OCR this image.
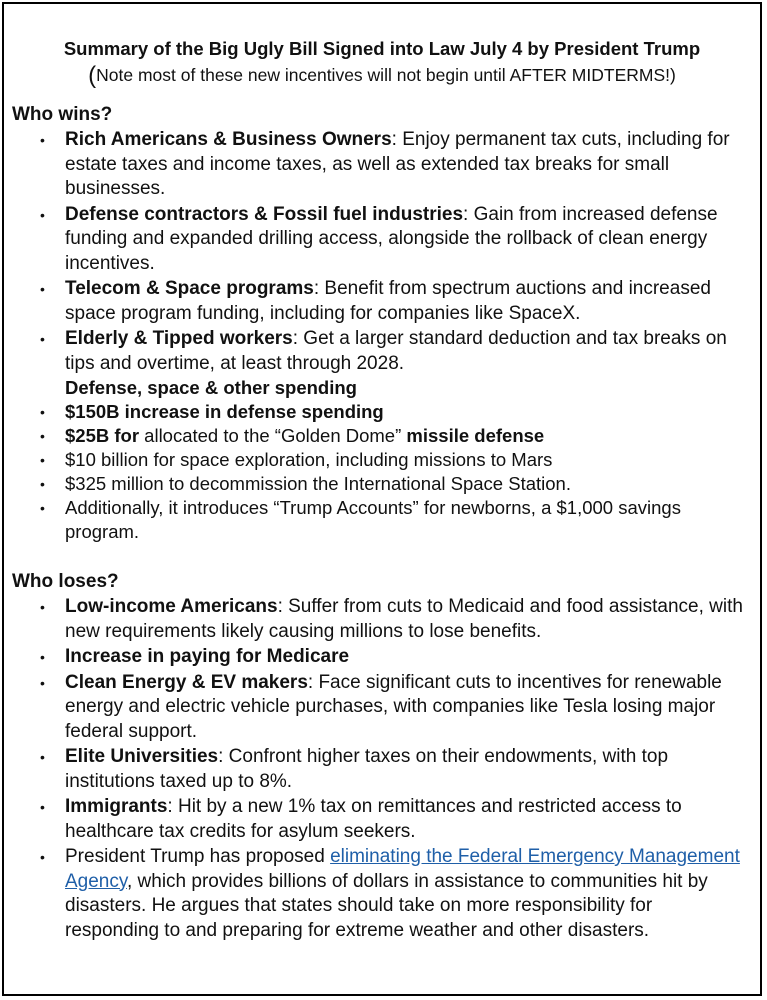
Summary of the Big Ugly Bill Signed into Law July 4 by President Trump
(Note most of these new incentives will not begin until AFTER MIDTERMS!)
Who wins?
• Rich Americans & Business Owners: Enjoy permanent tax cuts, including for estate taxes and income taxes, as well as extended tax breaks for small businesses.
• Defense contractors & Fossil fuel industries: Gain from increased defense funding and expanded drilling access, alongside the rollback of clean energy incentives.
• Telecom & Space programs: Benefit from spectrum auctions and increased space program funding, including for companies like SpaceX.
• Elderly & Tipped workers: Get a larger standard deduction and tax breaks on tips and overtime, at least through 2028.
Defense, space & other spending
• $150B increase in defense spending
• $25B for allocated to the “Golden Dome” missile defense
• $10 billion for space exploration, including missions to Mars
• $325 million to decommission the International Space Station.
• Additionally, it introduces “Trump Accounts” for newborns, a $1,000 savings program.
Who loses?
• Low-income Americans: Suffer from cuts to Medicaid and food assistance, with new requirements likely causing millions to lose benefits.
• Increase in paying for Medicare
• Clean Energy & EV makers: Face significant cuts to incentives for renewable energy and electric vehicle purchases, with companies like Tesla losing major federal support.
• Elite Universities: Confront higher taxes on their endowments, with top institutions taxed up to 8%.
• Immigrants: Hit by a new 1% tax on remittances and restricted access to healthcare tax credits for asylum seekers.
• President Trump has proposed eliminating the Federal Emergency Management Agency, which provides billions of dollars in assistance to communities hit by disasters. He argues that states should take on more responsibility for responding to and preparing for extreme weather and other disasters.
